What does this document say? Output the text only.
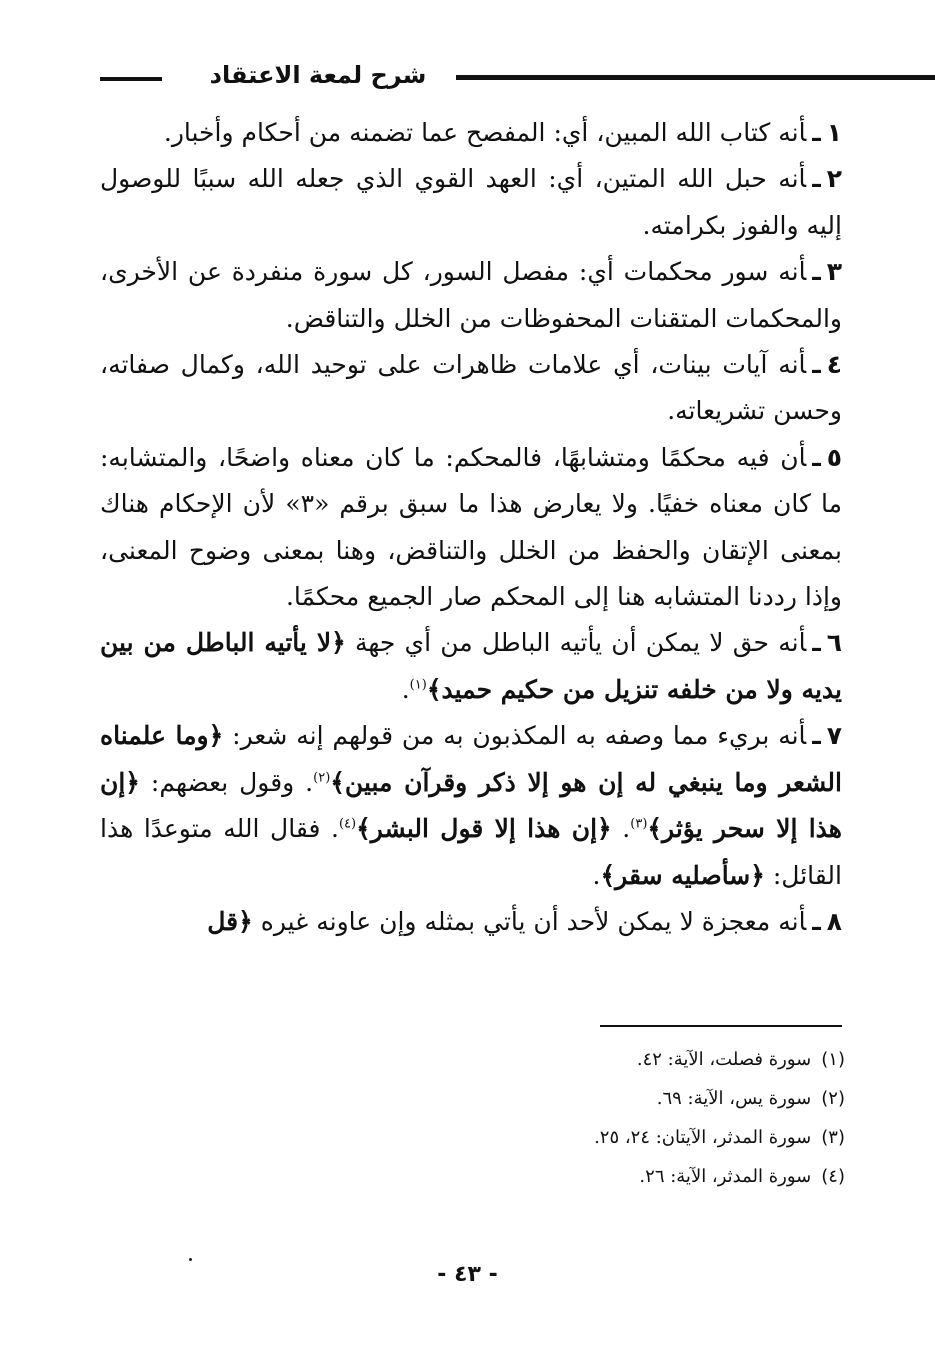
شرح لمعة الاعتقاد

١ـأنه كتاب الله المبين، أي: المفصح عما تضمنه من أحكام وأخبار.

٢ـأنه حبل الله المتين، أي: العهد القوي الذي جعله الله سببًا للوصول إليه والفوز بكرامته.

٣ـأنه سور محكمات أي: مفصل السور، كل سورة منفردة عن الأخرى، والمحكمات المتقنات المحفوظات من الخلل والتناقض.

٤ـأنه آيات بينات، أي علامات ظاهرات على توحيد الله، وكمال صفاته، وحسن تشريعاته.

٥ـأن فيه محكمًا ومتشابهًا، فالمحكم: ما كان معناه واضحًا، والمتشابه: ما كان معناه خفيًا. ولا يعارض هذا ما سبق برقم «٣» لأن الإحكام هناك بمعنى الإتقان والحفظ من الخلل والتناقض، وهنا بمعنى وضوح المعنى، وإذا رددنا المتشابه هنا إلى المحكم صار الجميع محكمًا.

٦ـأنه حق لا يمكن أن يأتيه الباطل من أي جهة ﴿لا يأتيه الباطل من بين يديه ولا من خلفه تنزيل من حكيم حميد﴾$^{(١)}$.

٧ـأنه بريء مما وصفه به المكذبون به من قولهم إنه شعر: ﴿وما علمناه الشعر وما ينبغي له إن هو إلا ذكر وقرآن مبين﴾$^{(٢)}$. وقول بعضهم: ﴿إن هذا إلا سحر يؤثر﴾$^{(٣)}$. ﴿إن هذا إلا قول البشر﴾$^{(٤)}$. فقال الله متوعدًا هذا القائل: ﴿سأصليه سقر﴾.

٨ـأنه معجزة لا يمكن لأحد أن يأتي بمثله وإن عاونه غيره ﴿قل

(١)سورة فصلت، الآية: ٤٢.

(٢)سورة يس، الآية: ٦٩.

(٣)سورة المدثر، الآيتان: ٢٤، ٢٥.

(٤)سورة المدثر، الآية: ٢٦.

- ٤٣ -
